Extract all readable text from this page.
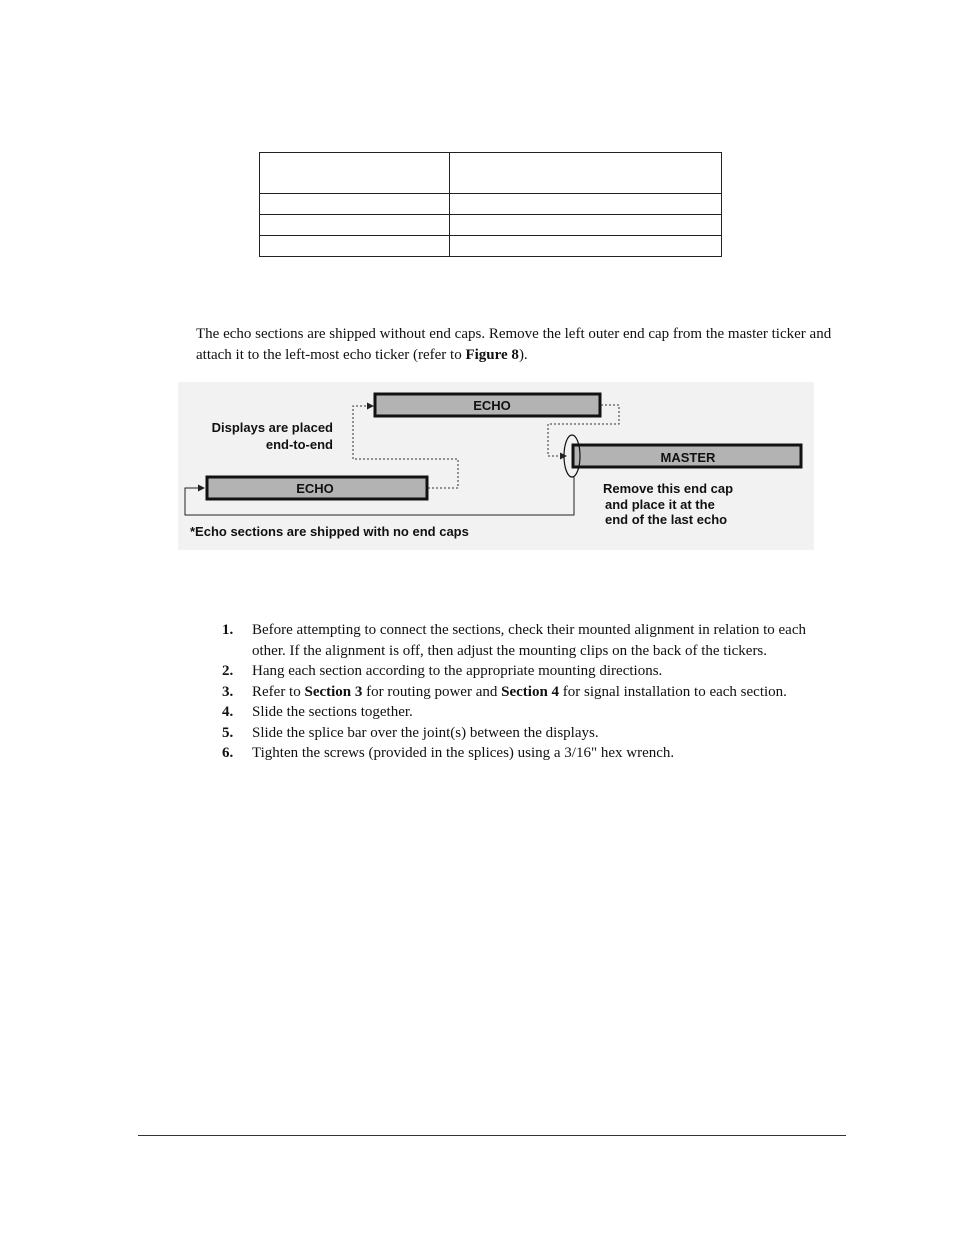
The echo sections are shipped without end caps. Remove the left outer end cap from the master ticker and attach it to the left-most echo ticker (refer to Figure 8).

ECHO
MASTER
ECHO
Displays are placed
end-to-end
Remove this end cap
and place it at the
end of the last echo
*Echo sections are shipped with no end caps
1. Before attempting to connect the sections, check their mounted alignment in relation to each other. If the alignment is off, then adjust the mounting clips on the back of the tickers.
2. Hang each section according to the appropriate mounting directions.
3. Refer to Section 3 for routing power and Section 4 for signal installation to each section.
4. Slide the sections together.
5. Slide the splice bar over the joint(s) between the displays.
6. Tighten the screws (provided in the splices) using a 3/16" hex wrench.
